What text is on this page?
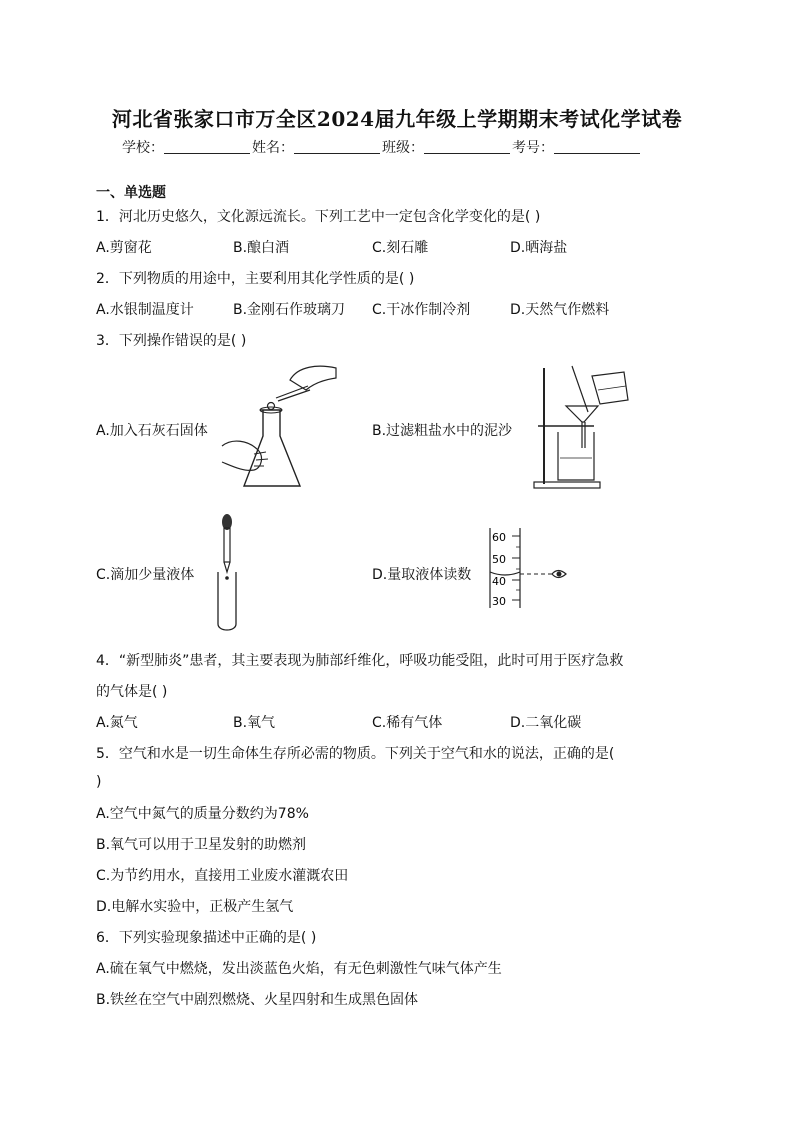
河北省张家口市万全区2024届九年级上学期期末考试化学试卷
学校：	姓名：	班级：	考号：
一、单选题
1．河北历史悠久，文化源远流长。下列工艺中一定包含化学变化的是( )
A.剪窗花	B.酿白酒	C.刻石雕	D.晒海盐
2．下列物质的用途中，主要利用其化学性质的是( )
A.水银制温度计	B.金刚石作玻璃刀 C.干冰作制冷剂	D.天然气作燃料
3．下列操作错误的是( )
A.加入石灰石固体	B.过滤粗盐水中的泥沙
C.滴加少量液体	D.量取液体读数
60
50
40
30
4．“新型肺炎”患者，其主要表现为肺部纤维化，呼吸功能受阻，此时可用于医疗急救
的气体是( )
A.氮气	B.氧气	C.稀有气体	D.二氧化碳
5．空气和水是一切生命体生存所必需的物质。下列关于空气和水的说法，正确的是(
)
A.空气中氮气的质量分数约为78%
B.氧气可以用于卫星发射的助燃剂
C.为节约用水，直接用工业废水灌溉农田
D.电解水实验中，正极产生氢气
6．下列实验现象描述中正确的是( )
A.硫在氧气中燃烧，发出淡蓝色火焰，有无色刺激性气味气体产生
B.铁丝在空气中剧烈燃烧、火星四射和生成黑色固体
